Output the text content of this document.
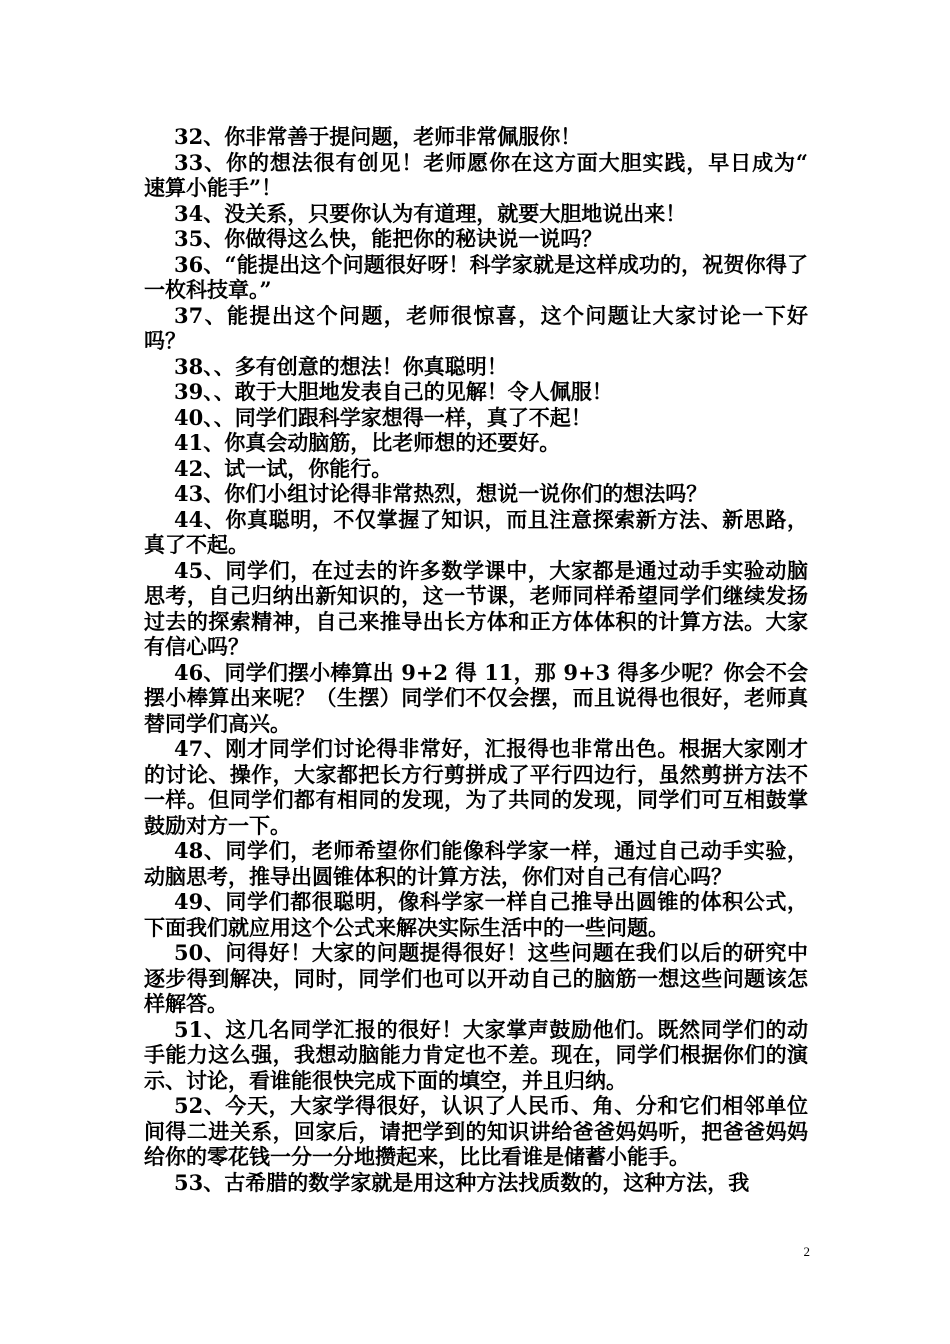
32、你非常善于提问题，老师非常佩服你！

33、你的想法很有创见！老师愿你在这方面大胆实践，早日成为“ 速算小能手”！

34、没关系，只要你认为有道理，就要大胆地说出来！

35、你做得这么快，能把你的秘诀说一说吗？

36、“能提出这个问题很好呀！科学家就是这样成功的，祝贺你得了一枚科技章。”

37、能提出这个问题，老师很惊喜，这个问题让大家讨论一下好吗？

38、、多有创意的想法！你真聪明！

39、、敢于大胆地发表自己的见解！令人佩服！

40、、同学们跟科学家想得一样，真了不起！

41、你真会动脑筋，比老师想的还要好。

42、试一试，你能行。

43、你们小组讨论得非常热烈，想说一说你们的想法吗？

44、你真聪明，不仅掌握了知识，而且注意探索新方法、新思路，真了不起。

45、同学们，在过去的许多数学课中，大家都是通过动手实验动脑思考，自己归纳出新知识的，这一节课，老师同样希望同学们继续发扬过去的探索精神，自己来推导出长方体和正方体体积的计算方法。大家有信心吗？

46、同学们摆小棒算出 9+2 得 11，那 9+3 得多少呢？你会不会摆小棒算出来呢？（生摆）同学们不仅会摆，而且说得也很好，老师真替同学们高兴。

47、刚才同学们讨论得非常好，汇报得也非常出色。根据大家刚才的讨论、操作，大家都把长方行剪拼成了平行四边行，虽然剪拼方法不一样。但同学们都有相同的发现，为了共同的发现，同学们可互相鼓掌鼓励对方一下。

48、同学们，老师希望你们能像科学家一样，通过自己动手实验，动脑思考，推导出圆锥体积的计算方法，你们对自己有信心吗？

49、同学们都很聪明，像科学家一样自己推导出圆锥的体积公式，下面我们就应用这个公式来解决实际生活中的一些问题。

50、问得好！大家的问题提得很好！这些问题在我们以后的研究中逐步得到解决，同时，同学们也可以开动自己的脑筋一想这些问题该怎样解答。

51、这几名同学汇报的很好！大家掌声鼓励他们。既然同学们的动手能力这么强，我想动脑能力肯定也不差。现在，同学们根据你们的演示、讨论，看谁能很快完成下面的填空，并且归纳。

52、今天，大家学得很好，认识了人民币、角、分和它们相邻单位间得二进关系，回家后，请把学到的知识讲给爸爸妈妈听，把爸爸妈妈给你的零花钱一分一分地攒起来，比比看谁是储蓄小能手。

53、古希腊的数学家就是用这种方法找质数的，这种方法，我

2
